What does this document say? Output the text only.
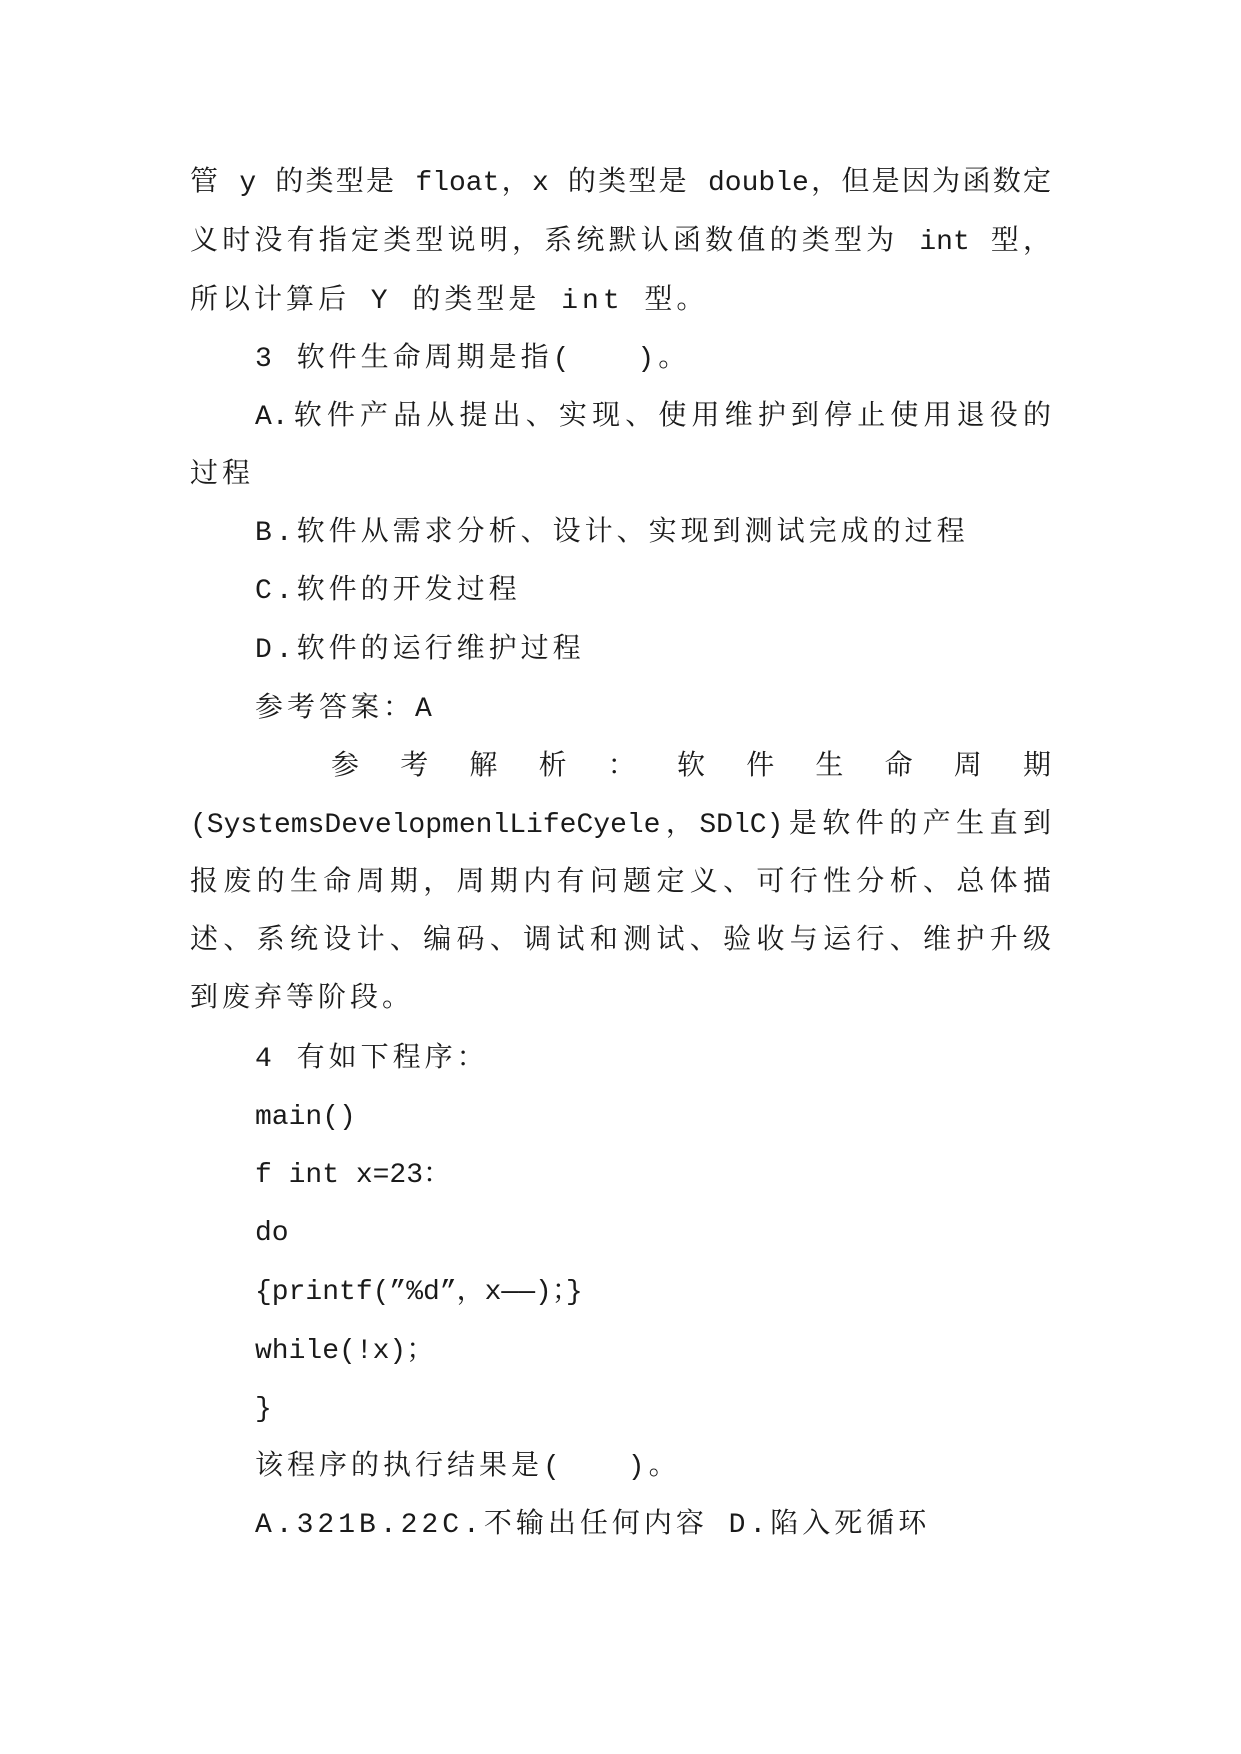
管 y 的类型是 float，x 的类型是 double，但是因为函数定
义时没有指定类型说明，系统默认函数值的类型为 int 型，
所以计算后 Y 的类型是 int 型。
3 软件生命周期是指(　　)。
A.软件产品从提出、实现、使用维护到停止使用退役的
过程
B.软件从需求分析、设计、实现到测试完成的过程
C.软件的开发过程
D.软件的运行维护过程
参考答案：A
参考解析：软件生命周期
(SystemsDevelopmenlLifeCyele，SDlC)是软件的产生直到
报废的生命周期，周期内有问题定义、可行性分析、总体描
述、系统设计、编码、调试和测试、验收与运行、维护升级
到废弃等阶段。
4 有如下程序：
main()
f int x=23：
do
{printf(”%d”，x——)；}
while(!x)；
}
该程序的执行结果是(　　)。
A.321B.22C.不输出任何内容 D.陷入死循环
